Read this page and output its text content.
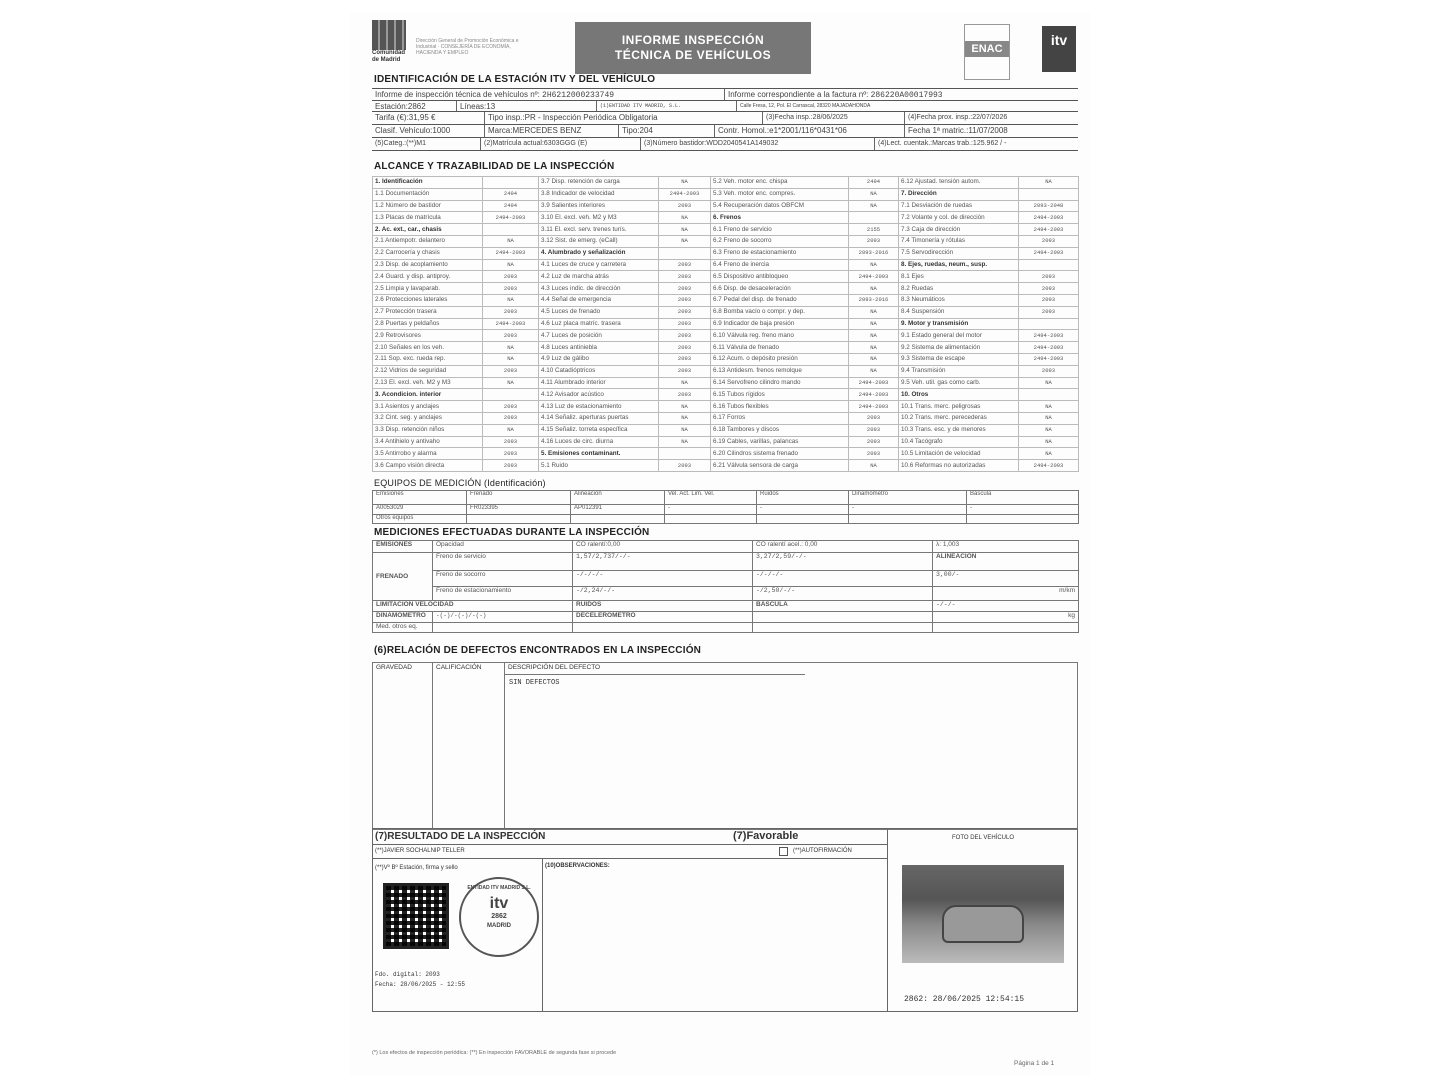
Comunidad de Madrid
Dirección General de Promoción Económica e Industrial · CONSEJERÍA DE ECONOMÍA, HACIENDA Y EMPLEO
INFORME INSPECCIÓN
TÉCNICA DE VEHÍCULOS	ENAC
itv
IDENTIFICACIÓN DE LA ESTACIÓN ITV Y DEL VEHÍCULO
Informe de inspección técnica de vehículos nº: 2H6212000233749	Informe correspondiente a la factura nº: 286220A00017993
Estación:2862	Líneas:13	(1)ENTIDAD ITV MADRID, S.L.	Calle Fresa, 12, Pol. El Carrascal, 28320 MAJADAHONDA
Tarifa (€):31,95 €	Tipo insp.:PR - Inspección Periódica Obligatoria	(3)Fecha insp.:28/06/2025	(4)Fecha prox. insp.:22/07/2026
Clasif. Vehículo:1000	Marca:MERCEDES BENZ	Tipo:204	Contr. Homol.:e1*2001/116*0431*06	Fecha 1ª matric.:11/07/2008
(5)Categ.:(**)M1	(2)Matrícula actual:6303GGG (E)	(3)Número bastidor:WDD2040541A149032	(4)Lect. cuentak.:Marcas trab.:125.962 / -
ALCANCE Y TRAZABILIDAD DE LA INSPECCIÓN
1. Identificación		3.7 Disp. retención de carga	NA	5.2 Veh. motor enc. chispa	2494	6.12 Ajustad. tensión autom.	NA
1.1 Documentación	2494	3.8 Indicador de velocidad	2494-2093	5.3 Veh. motor enc. compres.	NA	7. Dirección	
1.2 Número de bastidor	2494	3.9 Salientes interiores	2093	5.4 Recuperación datos OBFCM	NA	7.1 Desviación de ruedas	2093-2048
1.3 Placas de matrícula	2494-2093	3.10 El. excl. veh. M2 y M3	NA	6. Frenos		7.2 Volante y col. de dirección	2494-2093
2. Ac. ext., car., chasis		3.11 El. excl. serv. trenes turís.	NA	6.1 Freno de servicio	2155	7.3 Caja de dirección	2494-2093
2.1 Antiempotr. delantero	NA	3.12 Sist. de emerg. (eCall)	NA	6.2 Freno de socorro	2093	7.4 Timonería y rótulas	2093
2.2 Carrocería y chasis	2494-2093	4. Alumbrado y señalización		6.3 Freno de estacionamiento	2093-2016	7.5 Servodirección	2494-2093
2.3 Disp. de acoplamiento	NA	4.1 Luces de cruce y carretera	2093	6.4 Freno de inercia	NA	8. Ejes, ruedas, neum., susp.	
2.4 Guard. y disp. antiproy.	2093	4.2 Luz de marcha atrás	2093	6.5 Dispositivo antibloqueo	2494-2093	8.1 Ejes	2093
2.5 Limpia y lavaparab.	2093	4.3 Luces indic. de dirección	2093	6.6 Disp. de desaceleración	NA	8.2 Ruedas	2093
2.6 Protecciones laterales	NA	4.4 Señal de emergencia	2093	6.7 Pedal del disp. de frenado	2093-2016	8.3 Neumáticos	2093
2.7 Protección trasera	2093	4.5 Luces de frenado	2093	6.8 Bomba vacío o compr. y dep.	NA	8.4 Suspensión	2093
2.8 Puertas y peldaños	2494-2093	4.6 Luz placa matríc. trasera	2093	6.9 Indicador de baja presión	NA	9. Motor y transmisión	
2.9 Retrovisores	2093	4.7 Luces de posición	2093	6.10 Válvula reg. freno mano	NA	9.1 Estado general del motor	2494-2093
2.10 Señales en los veh.	NA	4.8 Luces antiniebla	2093	6.11 Válvula de frenado	NA	9.2 Sistema de alimentación	2494-2093
2.11 Sop. exc. rueda rep.	NA	4.9 Luz de gálibo	2093	6.12 Acum. o depósito presión	NA	9.3 Sistema de escape	2494-2093
2.12 Vidrios de seguridad	2093	4.10 Catadióptricos	2093	6.13 Antidesm. frenos remolque	NA	9.4 Transmisión	2093
2.13 El. excl. veh. M2 y M3	NA	4.11 Alumbrado interior	NA	6.14 Servofreno cilindro mando	2494-2093	9.5 Veh. util. gas como carb.	NA
3. Acondicion. interior		4.12 Avisador acústico	2093	6.15 Tubos rígidos	2494-2093	10. Otros	
3.1 Asientos y anclajes	2093	4.13 Luz de estacionamiento	NA	6.16 Tubos flexibles	2494-2093	10.1 Trans. merc. peligrosas	NA
3.2 Cint. seg. y anclajes	2093	4.14 Señaliz. aperturas puertas	NA	6.17 Forros	2093	10.2 Trans. merc. perecederas	NA
3.3 Disp. retención niños	NA	4.15 Señaliz. torreta específica	NA	6.18 Tambores y discos	2093	10.3 Trans. esc. y de menores	NA
3.4 Antihielo y antivaho	2093	4.16 Luces de circ. diurna	NA	6.19 Cables, varillas, palancas	2093	10.4 Tacógrafo	NA
3.5 Antirrobo y alarma	2093	5. Emisiones contaminant.		6.20 Cilindros sistema frenado	2093	10.5 Limitación de velocidad	NA
3.6 Campo visión directa	2093	5.1 Ruido	2093	6.21 Válvula sensora de carga	NA	10.6 Reformas no autorizadas	2494-2093
EQUIPOS DE MEDICIÓN (Identificación)
Emisiones	Frenado	Alineación	Vel. Act. Lim. Vel.	Ruidos	Dinamómetro	Báscula
A0053029	FR023395	AP012391	-	-	-	-
Otros equipos						
MEDICIONES EFECTUADAS DURANTE LA INSPECCIÓN
EMISIONES	Opacidad	CO ralentí:0,00	CO ralentí acel.: 0,00	λ: 1,003
FRENADO	Freno de servicio	1,57/2,737/-/-	3,27/2,59/-/-	ALINEACIÓN
	Freno de socorro	-/-/-/-	-/-/-/-	3,00/-
	Freno de estacionamiento	-/2,24/-/-	-/2,50/-/-	m/km
LIMITACIÓN VELOCIDAD		RUIDOS	BÁSCULA	-/-/-
DINAMÓMETRO	-(-)/-(-)/-(-)	DECELERÓMETRO		kg
Med. otros eq.				
(6)RELACIÓN DE DEFECTOS ENCONTRADOS EN LA INSPECCIÓN
GRAVEDAD	CALIFICACIÓN	DESCRIPCIÓN DEL DEFECTO
SIN DEFECTOS
(7)RESULTADO DE LA INSPECCIÓN	(7)Favorable
(**)JAVIER SOCHALNIP TELLER	(**)AUTOFIRMACIÓN
(**)Vº Bº Estación, firma y sello
ENTIDAD ITV MADRID S.L.
itv
2862
MADRID
Fdo. digital: 2093
Fecha: 28/06/2025 - 12:55
(10)OBSERVACIONES:
FOTO DEL VEHÍCULO
2862: 28/06/2025 12:54:15
(*) Los efectos de inspección periódica: (**) En inspección FAVORABLE de segunda fase si procede
Página 1 de 1
